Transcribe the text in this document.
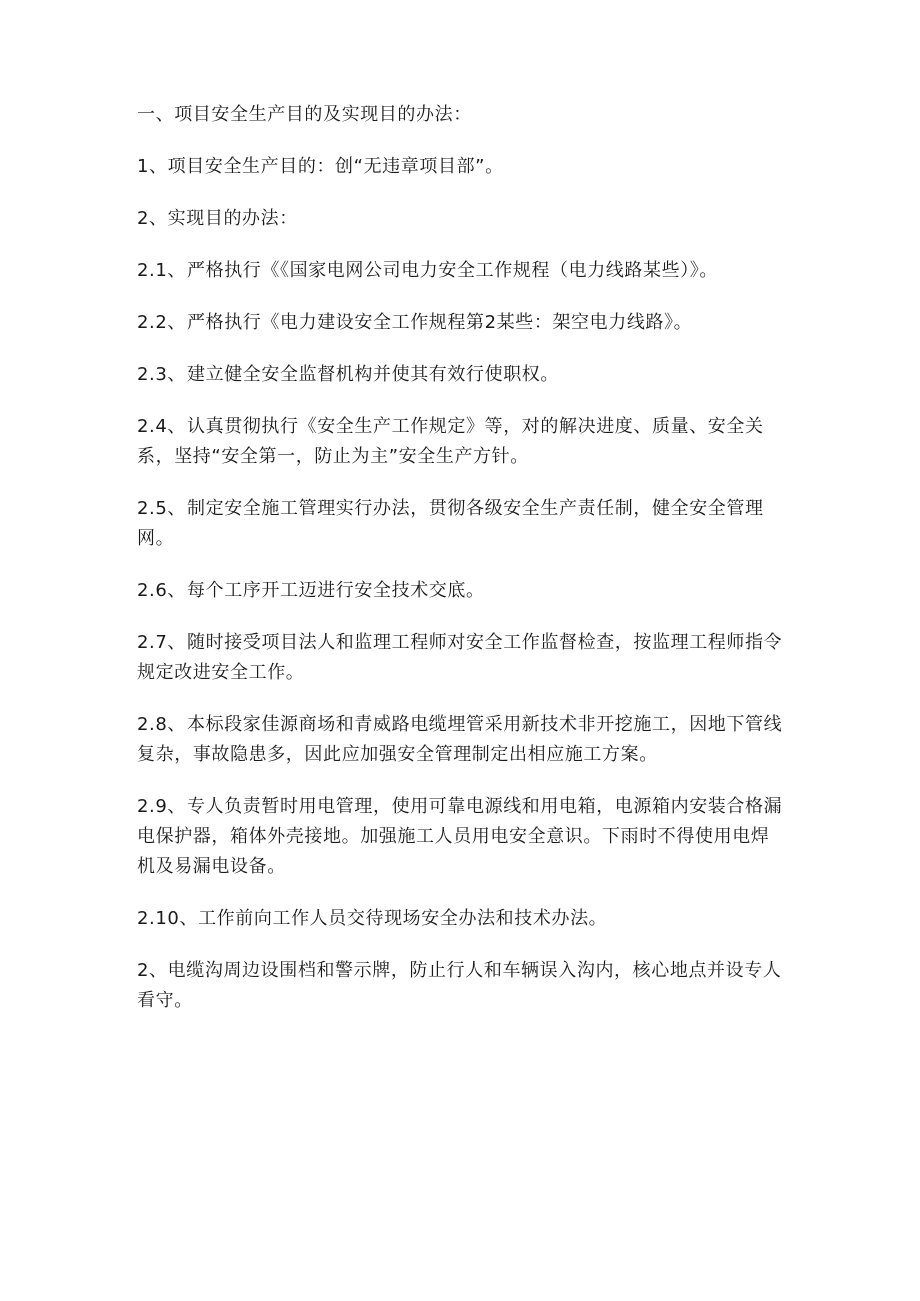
一、项目安全生产目的及实现目的办法：

1、项目安全生产目的：创“无违章项目部”。

2、实现目的办法：

2.1、严格执行《《国家电网公司电力安全工作规程（电力线路某些）》。

2.2、严格执行《电力建设安全工作规程第2某些：架空电力线路》。

2.3、建立健全安全监督机构并使其有效行使职权。

2.4、认真贯彻执行《安全生产工作规定》等，对的解决进度、质量、安全关系，坚持“安全第一，防止为主”安全生产方针。

2.5、制定安全施工管理实行办法，贯彻各级安全生产责任制，健全安全管理网。

2.6、每个工序开工迈进行安全技术交底。

2.7、随时接受项目法人和监理工程师对安全工作监督检查，按监理工程师指令规定改进安全工作。

2.8、本标段家佳源商场和青威路电缆埋管采用新技术非开挖施工，因地下管线复杂，事故隐患多，因此应加强安全管理制定出相应施工方案。

2.9、专人负责暂时用电管理，使用可靠电源线和用电箱，电源箱内安装合格漏电保护器，箱体外壳接地。加强施工人员用电安全意识。下雨时不得使用电焊机及易漏电设备。

2.10、工作前向工作人员交待现场安全办法和技术办法。

2、电缆沟周边设围档和警示牌，防止行人和车辆误入沟内，核心地点并设专人看守。
